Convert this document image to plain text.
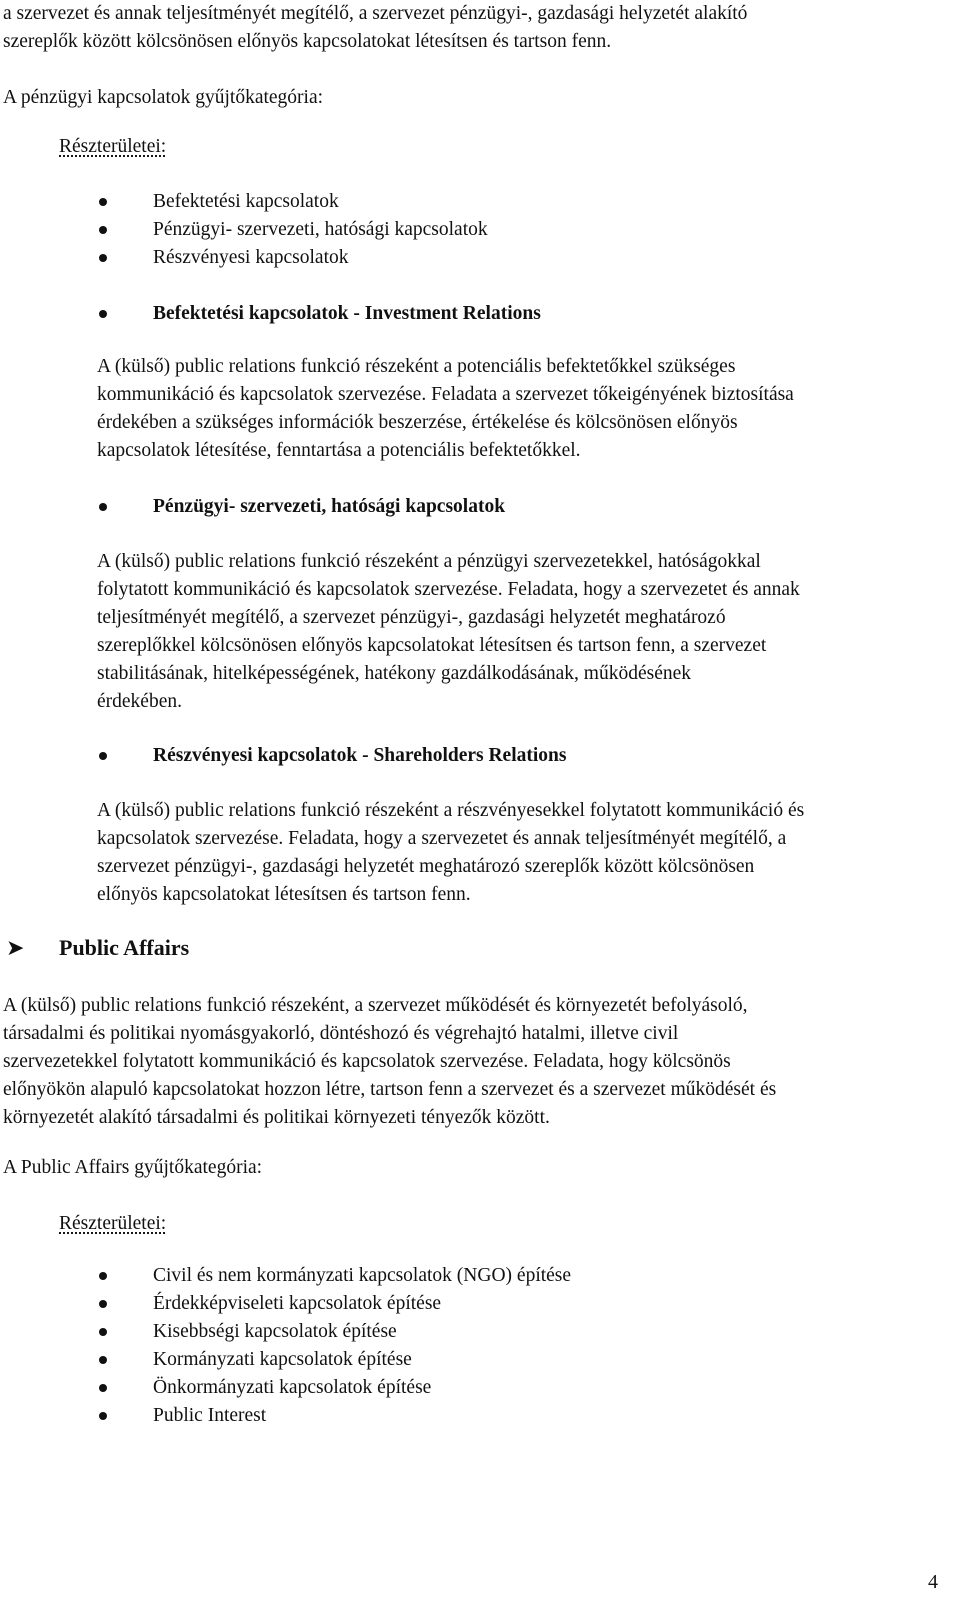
a szervezet és annak teljesítményét megítélő, a szervezet pénzügyi-, gazdasági helyzetét alakító
szereplők között kölcsönösen előnyös kapcsolatokat létesítsen és tartson fenn.
A pénzügyi kapcsolatok gyűjtőkategória:
Részterületei:
Befektetési kapcsolatok
Pénzügyi- szervezeti, hatósági kapcsolatok
Részvényesi kapcsolatok
Befektetési kapcsolatok - Investment Relations
A (külső) public relations funkció részeként a potenciális befektetőkkel szükséges
kommunikáció és kapcsolatok szervezése. Feladata a szervezet tőkeigényének biztosítása
érdekében a szükséges információk beszerzése, értékelése és kölcsönösen előnyös
kapcsolatok létesítése, fenntartása a potenciális befektetőkkel.
Pénzügyi- szervezeti, hatósági kapcsolatok
A (külső) public relations funkció részeként a pénzügyi szervezetekkel, hatóságokkal
folytatott kommunikáció és kapcsolatok szervezése. Feladata, hogy a szervezetet és annak
teljesítményét megítélő, a szervezet pénzügyi-, gazdasági helyzetét meghatározó
szereplőkkel kölcsönösen előnyös kapcsolatokat létesítsen és tartson fenn, a szervezet
stabilitásának, hitelképességének, hatékony gazdálkodásának, működésének
érdekében.
Részvényesi kapcsolatok - Shareholders Relations
A (külső) public relations funkció részeként a részvényesekkel folytatott kommunikáció és
kapcsolatok szervezése. Feladata, hogy a szervezetet és annak teljesítményét megítélő, a
szervezet pénzügyi-, gazdasági helyzetét meghatározó szereplők között kölcsönösen
előnyös kapcsolatokat létesítsen és tartson fenn.
➤ Public Affairs
A (külső) public relations funkció részeként, a szervezet működését és környezetét befolyásoló,
társadalmi és politikai nyomásgyakorló, döntéshozó és végrehajtó hatalmi, illetve civil
szervezetekkel folytatott kommunikáció és kapcsolatok szervezése. Feladata, hogy kölcsönös
előnyökön alapuló kapcsolatokat hozzon létre, tartson fenn a szervezet és a szervezet működését és
környezetét alakító társadalmi és politikai környezeti tényezők között.
A Public Affairs gyűjtőkategória:
Részterületei:
Civil és nem kormányzati kapcsolatok (NGO) építése
Érdekképviseleti kapcsolatok építése
Kisebbségi kapcsolatok építése
Kormányzati kapcsolatok építése
Önkormányzati kapcsolatok építése
Public Interest
4
